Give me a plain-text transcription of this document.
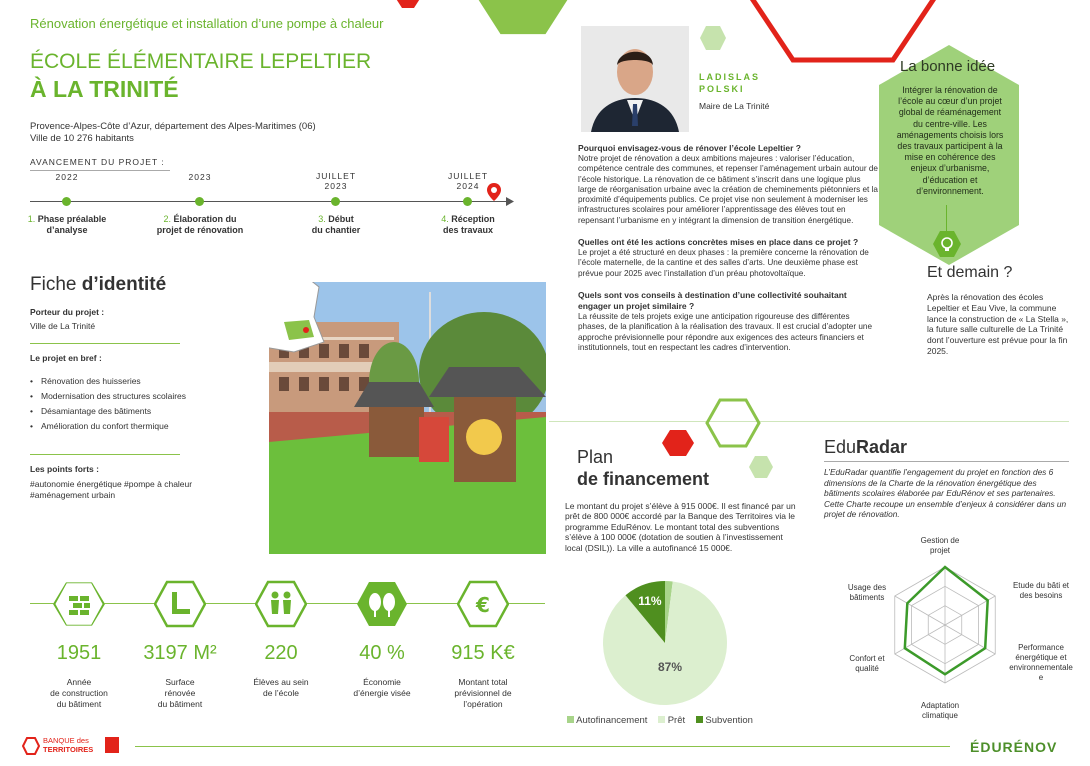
Rénovation énergétique et installation d’une pompe à chaleur
ÉCOLE ÉLÉMENTAIRE LEPELTIER
À LA TRINITÉ
Provence-Alpes-Côte d’Azur, département des Alpes-Maritimes (06)
Ville de 10 276 habitants
AVANCEMENT DU PROJET :
2022
1. Phase préalable
d’analyse
2023
2. Élaboration du
projet de rénovation
JUILLET
2023
3. Début
du chantier
JUILLET
2024
4. Réception
des travaux
Fiche d’identité
Porteur du projet :
Ville de La Trinité
Le projet en bref :
• Rénovation des huisseries
• Modernisation des structures scolaires
• Désamiantage des bâtiments
• Amélioration du confort thermique
Les points forts :
#autonomie énergétique #pompe à chaleur
#aménagement urbain
1951
Année
de construction
du bâtiment
3197 M²
Surface
rénovée
du bâtiment
220
Élèves au sein
de l’école
40 %
Économie
d’énergie visée
€
915 K€
Montant total
prévisionnel de
l’opération
LADISLAS
POLSKI
Maire de La Trinité
Pourquoi envisagez-vous de rénover l’école Lepeltier ?
Notre projet de rénovation a deux ambitions majeures : valoriser l’éducation, compétence centrale des communes, et repenser l’aménagement urbain autour de l’école historique. La rénovation de ce bâtiment s’inscrit dans une logique plus large de réorganisation urbaine avec la création de cheminements piétonniers et la proximité d’équipements publics. Ce projet vise non seulement à moderniser les infrastructures scolaires pour améliorer l’apprentissage des élèves tout en repensant l’urbanisme en y intégrant la dimension de transition énergétique.
Quelles ont été les actions concrètes mises en place dans ce projet ?
Le projet a été structuré en deux phases : la première concerne la rénovation de l’école maternelle, de la cantine et des salles d’arts. Une deuxième phase est prévue pour 2025 avec l’installation d’un préau photovoltaïque.
Quels sont vos conseils à destination d’une collectivité souhaitant engager un projet similaire ?
La réussite de tels projets exige une anticipation rigoureuse des différentes phases, de la planification à la réalisation des travaux. Il est crucial d’adopter une approche prévisionnelle pour répondre aux exigences des acteurs financiers et institutionnels, tout en respectant les cadres d’intervention.
La bonne idée
Intégrer la rénovation de l’école au cœur d’un projet global de réaménagement du centre-ville. Les aménagements choisis lors des travaux participent à la mise en cohérence des enjeux d’urbanisme, d’éducation et d’environnement.
Et demain ?
Après la rénovation des écoles Lepeltier et Eau Vive, la commune lance la construction de « La Stella », la future salle culturelle de La Trinité dont l’ouverture est prévue pour la fin 2025.
Plan
de financement
Le montant du projet s’élève à 915 000€. Il est financé par un prêt de 800 000€ accordé par la Banque des Territoires via le programme EduRénov. Le montant total des subventions s’élève à 100 000€ (dotation de soutien à l’investissement local (DSIL)). La ville a autofinancé 15 000€.
87%
11%
Autofinancement Prêt Subvention
EduRadar
L’EduRadar quantifie l’engagement du projet en fonction des 6 dimensions de la Charte de la rénovation énergétique des bâtiments scolaires élaborée par EduRénov et ses partenaires. Cette Charte recoupe un ensemble d’enjeux à considérer dans un projet de rénovation.
Gestion de
projet
Etude du bâti et
des besoins
Performance
énergétique et
environnementale
e
Adaptation
climatique
Confort et
qualité
Usage des
bâtiments
BANQUE des
TERRITOIRES	ÉDURÉNOV
